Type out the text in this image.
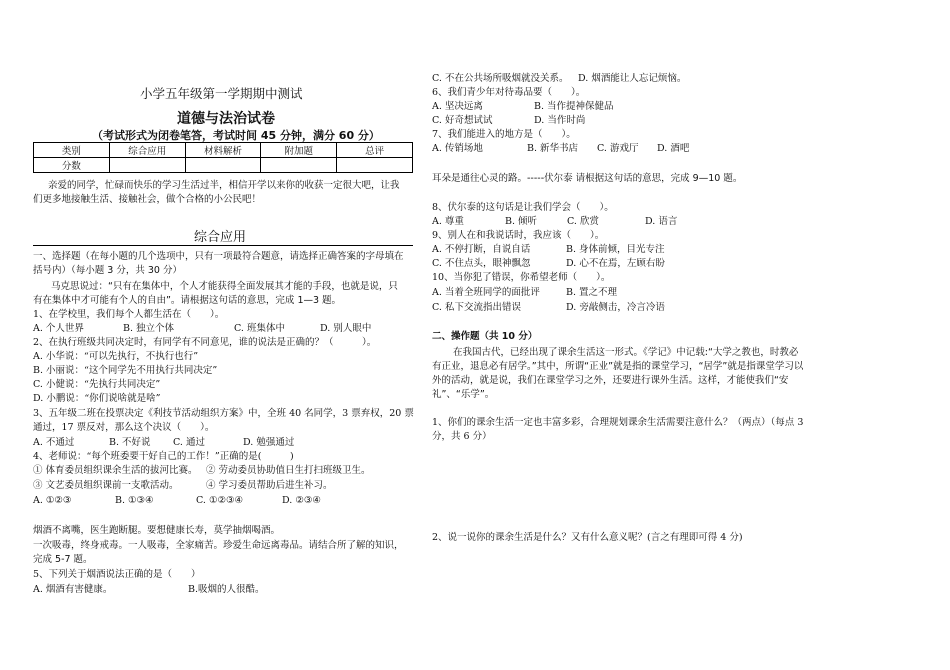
小学五年级第一学期期中测试
道德与法治试卷
（考试形式为闭卷笔答，考试时间 45 分钟，满分 60 分）
类别	综合应用	材料解析	附加题	总评
分数				
亲爱的同学，忙碌而快乐的学习生活过半，相信开学以来你的收获一定很大吧，让我
们更多地接触生活、接触社会，做个合格的小公民吧！
综合应用
一、选择题（在每小题的几个选项中，只有一项最符合题意，请选择正确答案的字母填在
括号内）（每小题 3 分，共 30 分）
马克思说过：“只有在集体中，个人才能获得全面发展其才能的手段，也就是说，只
有在集体中才可能有个人的自由”。请根据这句话的意思，完成 1—3 题。
1、在学校里，我们每个人都生活在（　　）。
A. 个人世界	B. 独立个体	C. 班集体中	D. 别人眼中
2、在执行班级共同决定时，有同学有不同意见，谁的说法是正确的？（　　　）。
A. 小华说：“可以先执行，不执行也行”
B. 小丽说：“这个同学先不用执行共同决定”
C. 小健说：“先执行共同决定”
D. 小鹏说：“你们说啥就是啥”
3、五年级二班在投票决定《利技节活动组织方案》中，全班 40 名同学，3 票弃权，20 票
通过，17 票反对，那么这个决议（　　）。
A. 不通过	B. 不好说 C. 通过	D. 勉强通过
4、老师说：“每个班委要干好自己的工作！”正确的是(　　　)
① 体育委员组织课余生活的拔河比赛。 ② 劳动委员协助值日生打扫班级卫生。
③ 文艺委员组织课前一支歌活动。	④ 学习委员帮助后进生补习。
A. ①②③	B. ①③④	C. ①②③④	D. ②③④
烟酒不离嘴，医生跑断腿。要想健康长寿，莫学抽烟喝酒。
一次吸毒，终身戒毒。一人吸毒，全家痛苦。珍爱生命远离毒品。请结合所了解的知识，
完成 5-7 题。
5、下列关于烟酒说法正确的是（　　）
A. 烟酒有害健康。	B.吸烟的人很酷。
C. 不在公共场所吸烟就没关系。 D. 烟酒能让人忘记烦恼。
6、我们青少年对待毒品要（　　）。
A. 坚决远离	B. 当作提神保健品
C. 好奇想试试	D. 当作时尚
7、我们能进入的地方是（　　）。
A. 传销场地	B. 新华书店 C. 游戏厅 D. 酒吧
耳朵是通往心灵的路。-----伏尔泰 请根据这句话的意思，完成 9—10 题。
8、伏尔泰的这句话是让我们学会（　　）。
A. 尊重	B. 倾听	C. 欣赏	D. 语言
9、别人在和我说话时，我应该（　　）。
A. 不停打断，自说自话	B. 身体前倾，目光专注
C. 不住点头，眼神飘忽	D. 心不在焉，左顾右盼
10、当你犯了错误，你希望老师（　　）。
A. 当着全班同学的面批评	B. 置之不理
C. 私下交流指出错误	D. 旁敲侧击，冷言冷语
二、操作题（共 10 分）
在我国古代，已经出现了课余生活这一形式。《学记》中记载:“大学之教也，时教必
有正业，退息必有居学。”其中，所谓“正业”就是指的课堂学习，“居学”就是指课堂学习以
外的活动，就是说，我们在课堂学习之外，还要进行课外生活。这样，才能使我们“安
礼”、“乐学”。
1、你们的课余生活一定也丰富多彩，合理规划课余生活需要注意什么？（两点）（每点 3
分，共 6 分）
2、说一说你的课余生活是什么？又有什么意义呢？(言之有理即可得 4 分)
